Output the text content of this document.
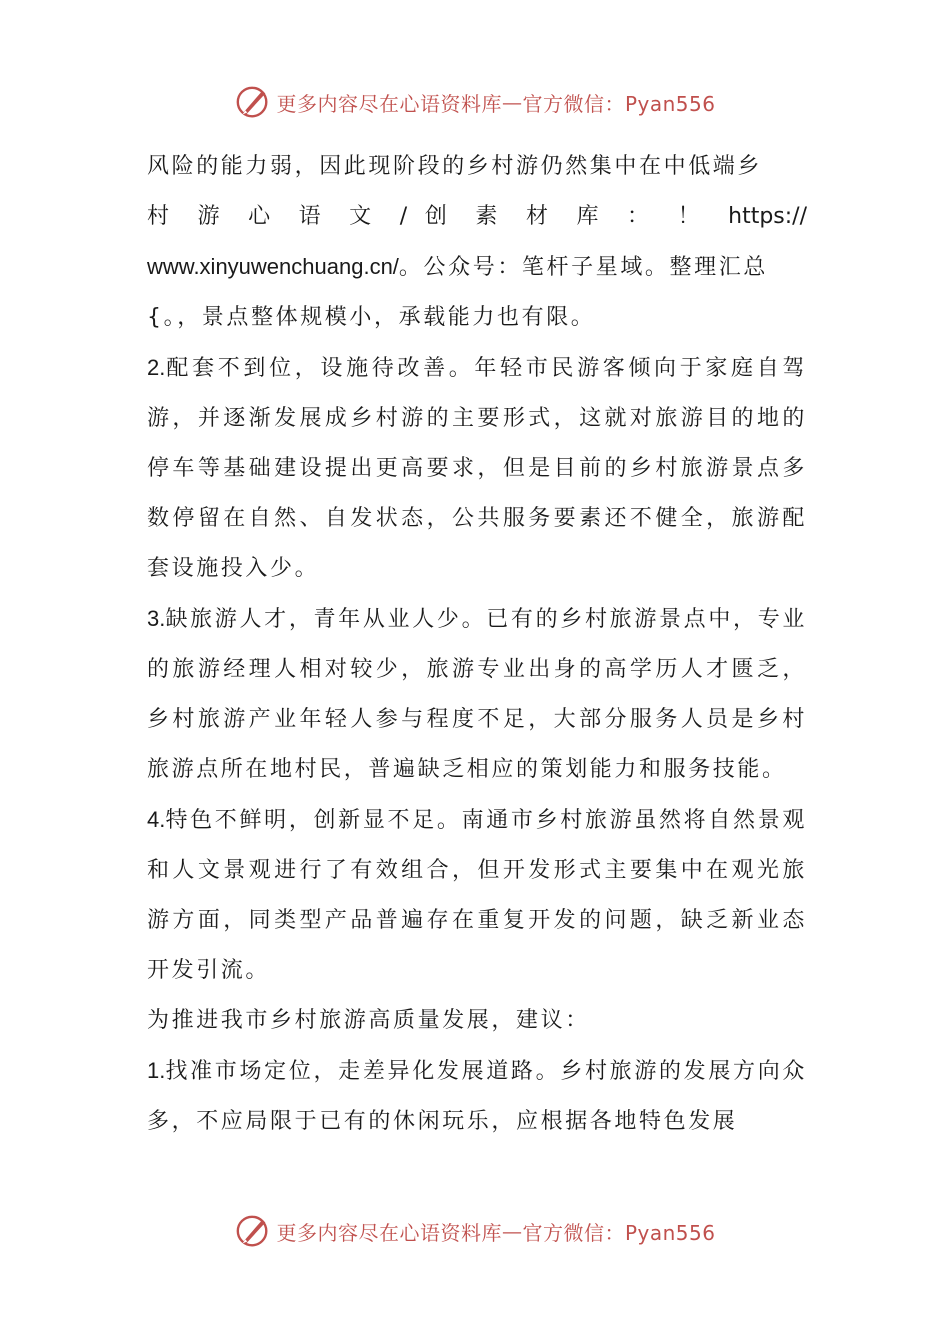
更多内容尽在心语资料库 — 官方微信：Pyan556

风险的能力弱，因此现阶段的乡村游仍然集中在中低端乡

村 游 心 语 文 / 创 素 材 库 ： ！ https://

www.xinyuwenchuang.cn/。公众号：笔杆子星域。整理汇总

{。，景点整体规模小，承载能力也有限。

2.配套不到位，设施待改善。年轻市民游客倾向于家庭自驾游，并逐渐发展成乡村游的主要形式，这就对旅游目的地的停车等基础建设提出更高要求，但是目前的乡村旅游景点多数停留在自然、自发状态，公共服务要素还不健全，旅游配套设施投入少。

3.缺旅游人才，青年从业人少。已有的乡村旅游景点中，专业的旅游经理人相对较少，旅游专业出身的高学历人才匮乏，乡村旅游产业年轻人参与程度不足，大部分服务人员是乡村旅游点所在地村民，普遍缺乏相应的策划能力和服务技能。

4.特色不鲜明，创新显不足。南通市乡村旅游虽然将自然景观和人文景观进行了有效组合，但开发形式主要集中在观光旅游方面，同类型产品普遍存在重复开发的问题，缺乏新业态开发引流。

为推进我市乡村旅游高质量发展，建议：

1.找准市场定位，走差异化发展道路。乡村旅游的发展方向众多，不应局限于已有的休闲玩乐，应根据各地特色发展

更多内容尽在心语资料库 — 官方微信：Pyan556
